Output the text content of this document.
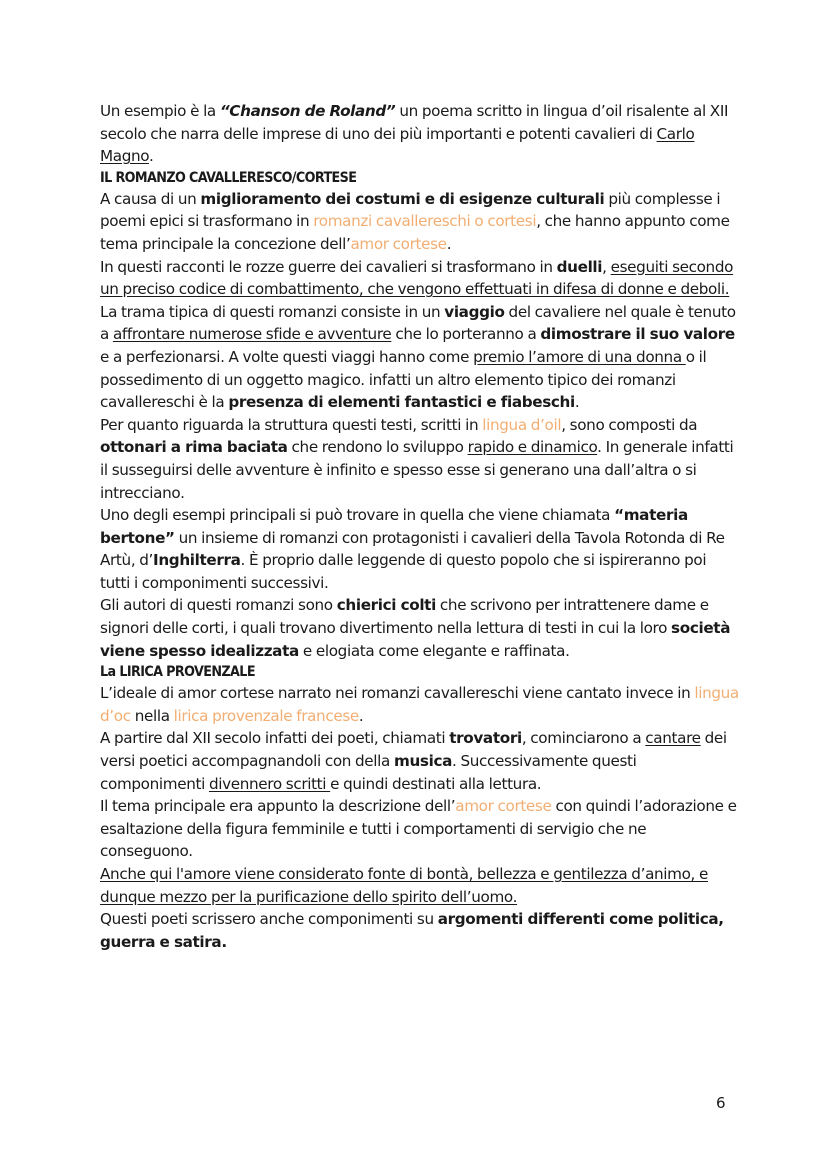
Un esempio è la “Chanson de Roland” un poema scritto in lingua d’oil risalente al XII secolo che narra delle imprese di uno dei più importanti e potenti cavalieri di Carlo Magno.

IL ROMANZO CAVALLERESCO/CORTESE

A causa di un miglioramento dei costumi e di esigenze culturali più complesse i poemi epici si trasformano in romanzi cavallereschi o cortesi, che hanno appunto come tema principale la concezione dell’amor cortese.

In questi racconti le rozze guerre dei cavalieri si trasformano in duelli, eseguiti secondo un preciso codice di combattimento, che vengono effettuati in difesa di donne e deboli.

La trama tipica di questi romanzi consiste in un viaggio del cavaliere nel quale è tenuto a affrontare numerose sfide e avventure che lo porteranno a dimostrare il suo valore e a perfezionarsi. A volte questi viaggi hanno come premio l’amore di una donna o il possedimento di un oggetto magico. infatti un altro elemento tipico dei romanzi cavallereschi è la presenza di elementi fantastici e fiabeschi.

Per quanto riguarda la struttura questi testi, scritti in lingua d’oil, sono composti da ottonari a rima baciata che rendono lo sviluppo rapido e dinamico. In generale infatti il susseguirsi delle avventure è infinito e spesso esse si generano una dall’altra o si intrecciano.

Uno degli esempi principali si può trovare in quella che viene chiamata “materia bertone” un insieme di romanzi con protagonisti i cavalieri della Tavola Rotonda di Re Artù, d’Inghilterra. È proprio dalle leggende di questo popolo che si ispireranno poi tutti i componimenti successivi.

Gli autori di questi romanzi sono chierici colti che scrivono per intrattenere dame e signori delle corti, i quali trovano divertimento nella lettura di testi in cui la loro società viene spesso idealizzata e elogiata come elegante e raffinata.

La LIRICA PROVENZALE

L’ideale di amor cortese narrato nei romanzi cavallereschi viene cantato invece in lingua d’oc nella lirica provenzale francese.

A partire dal XII secolo infatti dei poeti, chiamati trovatori, cominciarono a cantare dei versi poetici accompagnandoli con della musica. Successivamente questi componimenti divennero scritti e quindi destinati alla lettura.

Il tema principale era appunto la descrizione dell’amor cortese con quindi l’adorazione e esaltazione della figura femminile e tutti i comportamenti di servigio che ne conseguono.

Anche qui l'amore viene considerato fonte di bontà, bellezza e gentilezza d’animo, e dunque mezzo per la purificazione dello spirito dell’uomo.

Questi poeti scrissero anche componimenti su argomenti differenti come politica, guerra e satira.

6
